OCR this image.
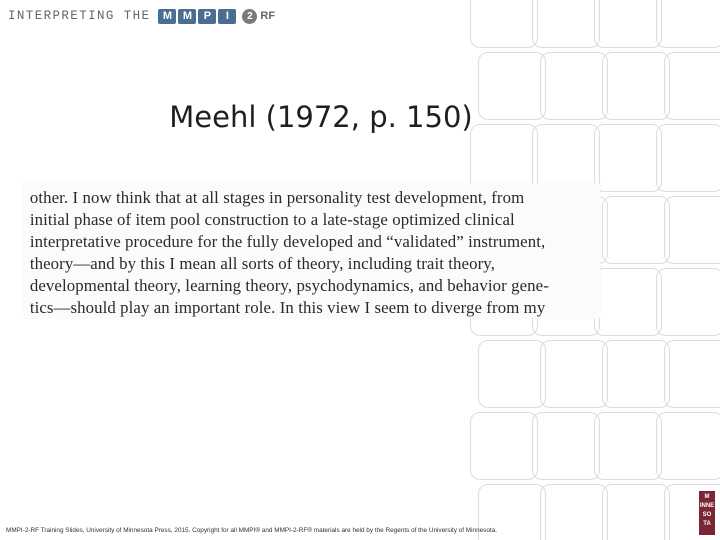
INTERPRETING THE	M M	P	I	2 RF
Meehl (1972, p. 150)
other. I now think that at all stages in personality test development, from
initial phase of item pool construction to a late-stage optimized clinical
interpretative procedure for the fully developed and “validated” instrument,
theory—and by this I mean all sorts of theory, including trait theory,
developmental theory, learning theory, psychodynamics, and behavior gene-
tics—should play an important role. In this view I seem to diverge from my
MMPI-2-RF Training Slides, University of Minnesota Press, 2015. Copyright for all MMPI® and MMPI-2-RF® materials are held by the Regents of the University of Minnesota.
M
INNE
SO
TA
